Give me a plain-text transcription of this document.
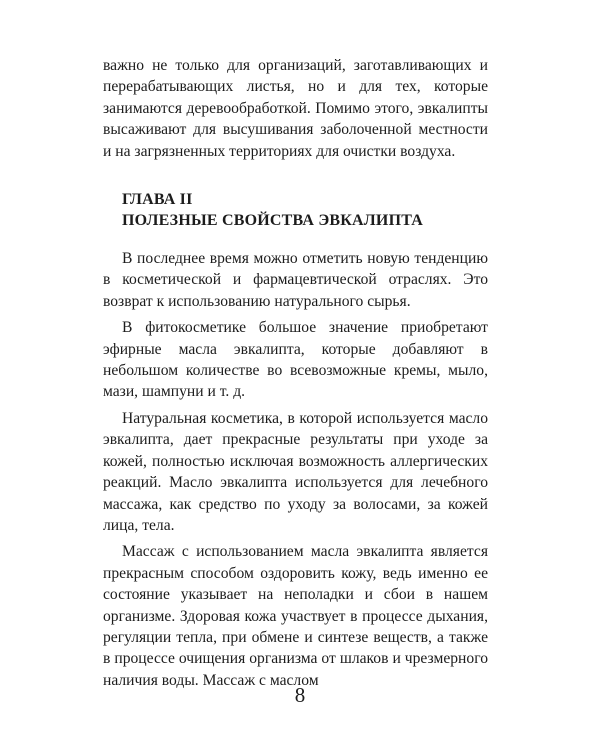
важно не только для организаций, заготавливающих и перерабатывающих листья, но и для тех, которые занимаются деревообработкой. Помимо этого, эвкалипты высаживают для высушивания заболоченной местности и на загрязненных территориях для очистки воздуха.

ГЛАВА II
ПОЛЕЗНЫЕ СВОЙСТВА ЭВКАЛИПТА

В последнее время можно отметить новую тенденцию в косметической и фармацевтической отраслях. Это возврат к использованию натурального сырья.

В фитокосметике большое значение приобретают эфирные масла эвкалипта, которые добавляют в небольшом количестве во всевозможные кремы, мыло, мази, шампуни и т. д.

Натуральная косметика, в которой используется масло эвкалипта, дает прекрасные результаты при уходе за кожей, полностью исключая возможность аллергических реакций. Масло эвкалипта используется для лечебного массажа, как средство по уходу за волосами, за кожей лица, тела.

Массаж с использованием масла эвкалипта является прекрасным способом оздоровить кожу, ведь именно ее состояние указывает на неполадки и сбои в нашем организме. Здоровая кожа участвует в процессе дыхания, регуляции тепла, при обмене и синтезе веществ, а также в процессе очищения организма от шлаков и чрезмерного наличия воды. Массаж с маслом

8
